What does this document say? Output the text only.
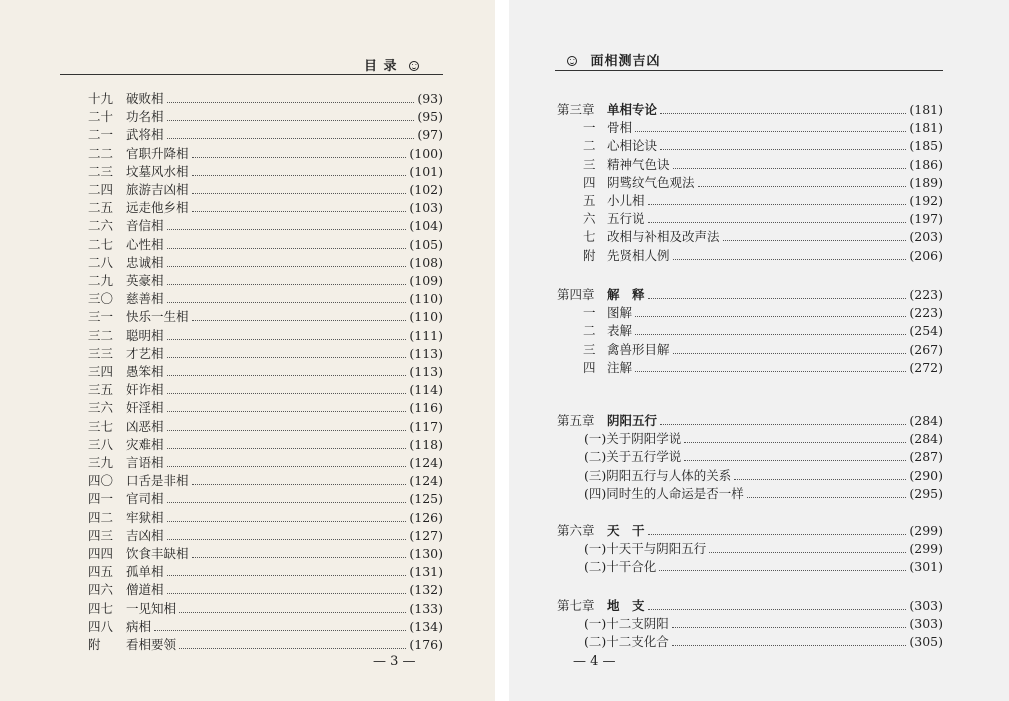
目 录
十九	破败相	(93)
二十	功名相	(95)
二一	武将相	(97)
二二	官职升降相	(100)
二三	坟墓风水相	(101)
二四	旅游吉凶相	(102)
二五	远走他乡相	(103)
二六	音信相	(104)
二七	心性相	(105)
二八	忠诚相	(108)
二九	英豪相	(109)
三〇	慈善相	(110)
三一	快乐一生相	(110)
三二	聪明相	(111)
三三	才艺相	(113)
三四	愚笨相	(113)
三五	奸诈相	(114)
三六	奸淫相	(116)
三七	凶恶相	(117)
三八	灾难相	(118)
三九	言语相	(124)
四〇	口舌是非相	(124)
四一	官司相	(125)
四二	牢狱相	(126)
四三	吉凶相	(127)
四四	饮食丰缺相	(130)
四五	孤单相	(131)
四六	僧道相	(132)
四七	一见知相	(133)
四八	病相	(134)
附	看相要领	(176)
— 3 —
面相测吉凶
第三章 单相专论	(181)
一 骨相	(181)
二 心相论诀	(185)
三 精神气色诀	(186)
四 阴骘纹气色观法	(189)
五 小儿相	(192)
六 五行说	(197)
七 改相与补相及改声法	(203)
附 先贤相人例	(206)
第四章 解　释	(223)
一 图解	(223)
二 表解	(254)
三 禽兽形目解	(267)
四 注解	(272)
第五章 阴阳五行	(284)
(一)关于阴阳学说	(284)
(二)关于五行学说	(287)
(三)阴阳五行与人体的关系	(290)
(四)同时生的人命运是否一样	(295)
第六章 天　干	(299)
(一)十天干与阴阳五行	(299)
(二)十干合化	(301)
第七章 地　支	(303)
(一)十二支阴阳	(303)
(二)十二支化合	(305)
— 4 —
